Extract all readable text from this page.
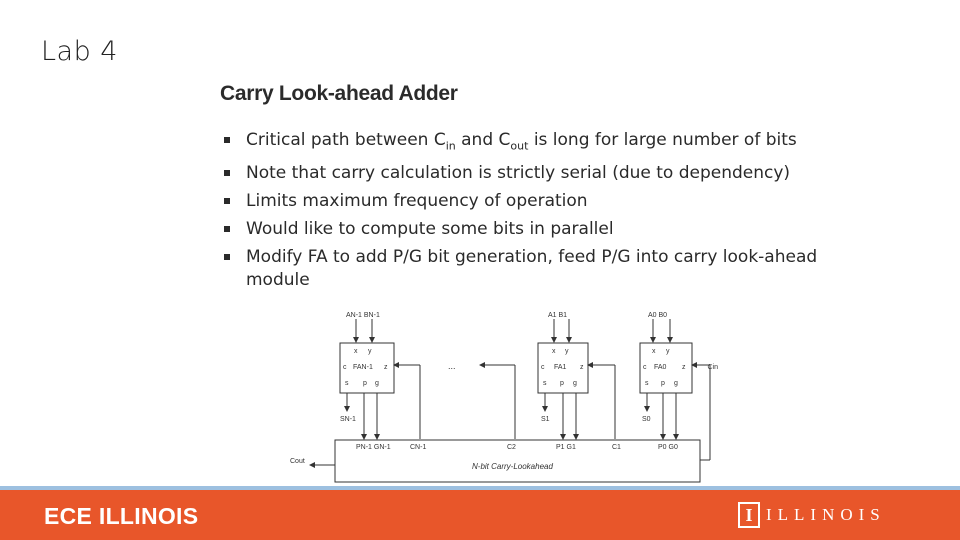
Lab 4
Carry Look-ahead Adder
Critical path between $C_{in}$ and $C_{out}$ is long for large number of bits
Note that carry calculation is strictly serial (due to dependency)
Limits maximum frequency of operation
Would like to compute some bits in parallel
Modify FA to add P/G bit generation, feed P/G into carry look-ahead module
AN-1 BN-1
x y
c FAN-1 z
s p g
SN-1
...
A1 B1
x y
c FA1 z
s p g
S1
A0 B0
x y
c FA0 z
s p g
S0
Cin
PN-1 GN-1	CN-1	C2	P1 G1	C1	P0 G0
N-bit Carry-Lookahead
Cout
ECE ILLINOIS	I ILLINOIS
